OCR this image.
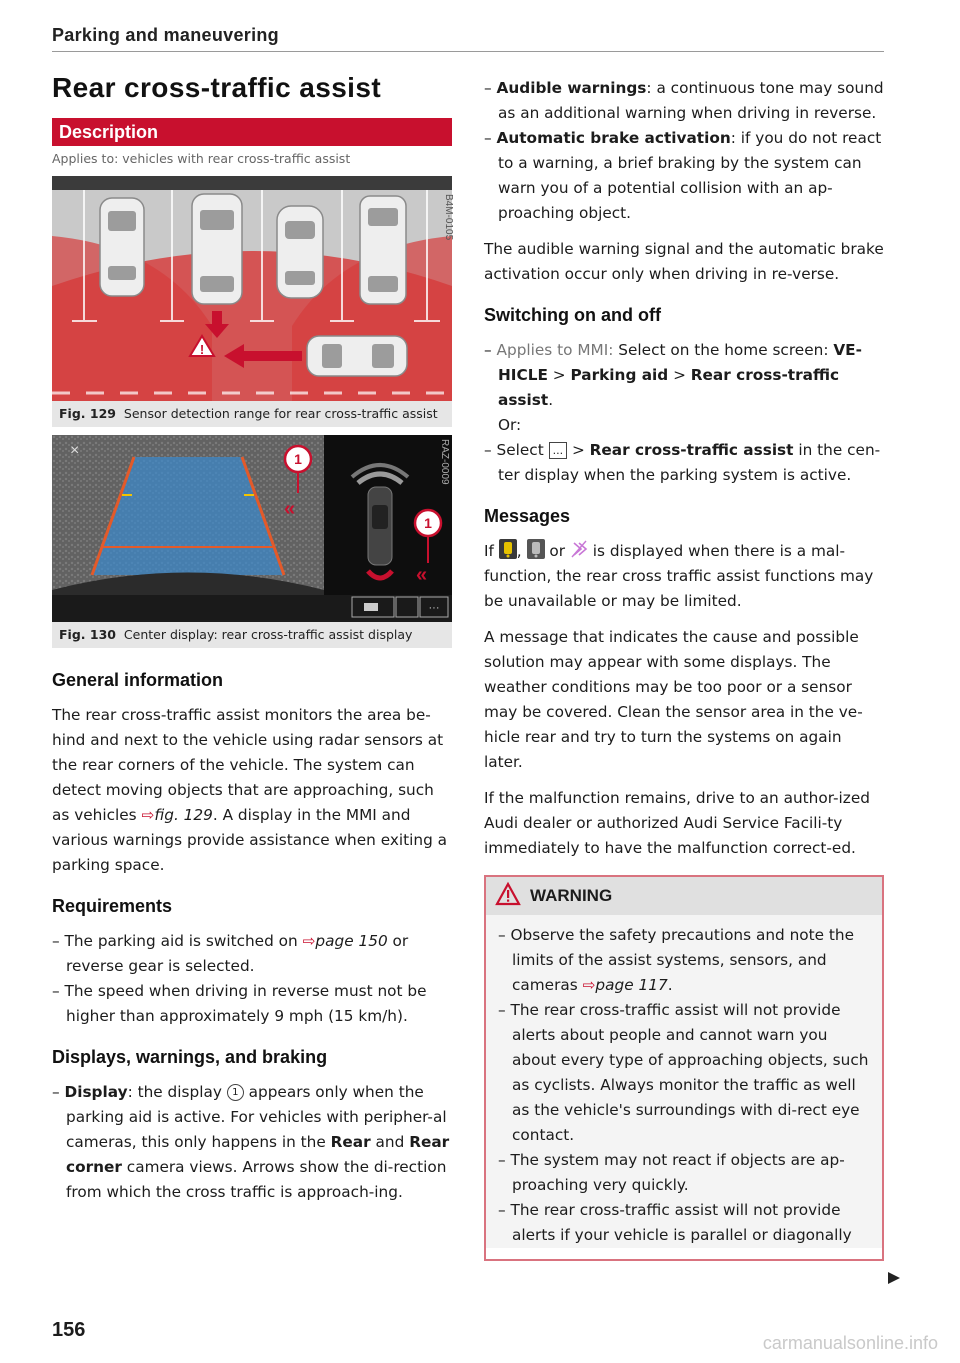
Parking and maneuvering
Rear cross-traffic assist
Description
Applies to: vehicles with rear cross-traffic assist
!
B4M-0105
Fig. 129 Sensor detection range for rear cross-traffic assist
×	1
«
1
«
···
RAZ-0009
Fig. 130 Center display: rear cross-traffic assist display
General information

The rear cross-traffic assist monitors the area be-hind and next to the vehicle using radar sensors at the rear corners of the vehicle. The system can detect moving objects that are approaching, such as vehicles ⇨fig. 129. A display in the MMI and various warnings provide assistance when exiting a parking space.

Requirements
– The parking aid is switched on ⇨page 150 or reverse gear is selected.
– The speed when driving in reverse must not be higher than approximately 9 mph (15 km/h).
Displays, warnings, and braking
– Display: the display 1 appears only when the parking aid is active. For vehicles with peripher-al cameras, this only happens in the Rear and Rear corner camera views. Arrows show the di-rection from which the cross traffic is approach-ing.
– Audible warnings: a continuous tone may sound as an additional warning when driving in reverse.
– Automatic brake activation: if you do not react to a warning, a brief braking by the system can warn you of a potential collision with an ap-proaching object.

The audible warning signal and the automatic brake activation occur only when driving in re-verse.

Switching on and off
– Applies to MMI: Select on the home screen: VE-HICLE > Parking aid > Rear cross-traffic assist.
Or:
– Select ... > Rear cross-traffic assist in the cen-ter display when the parking system is active.
Messages

If ,  or  is displayed when there is a mal-function, the rear cross traffic assist functions may be unavailable or may be limited.

A message that indicates the cause and possible solution may appear with some displays. The weather conditions may be too poor or a sensor may be covered. Clean the sensor area in the ve-hicle rear and try to turn the systems on again later.

If the malfunction remains, drive to an author-ized Audi dealer or authorized Audi Service Facili-ty immediately to have the malfunction correct-ed.

WARNING
– Observe the safety precautions and note the limits of the assist systems, sensors, and cameras ⇨page 117.
– The rear cross-traffic assist will not provide alerts about people and cannot warn you about every type of approaching objects, such as cyclists. Always monitor the traffic as well as the vehicle's surroundings with di-rect eye contact.
– The system may not react if objects are ap-proaching very quickly.
– The rear cross-traffic assist will not provide alerts if your vehicle is parallel or diagonally
156
carmanualsonline.info
